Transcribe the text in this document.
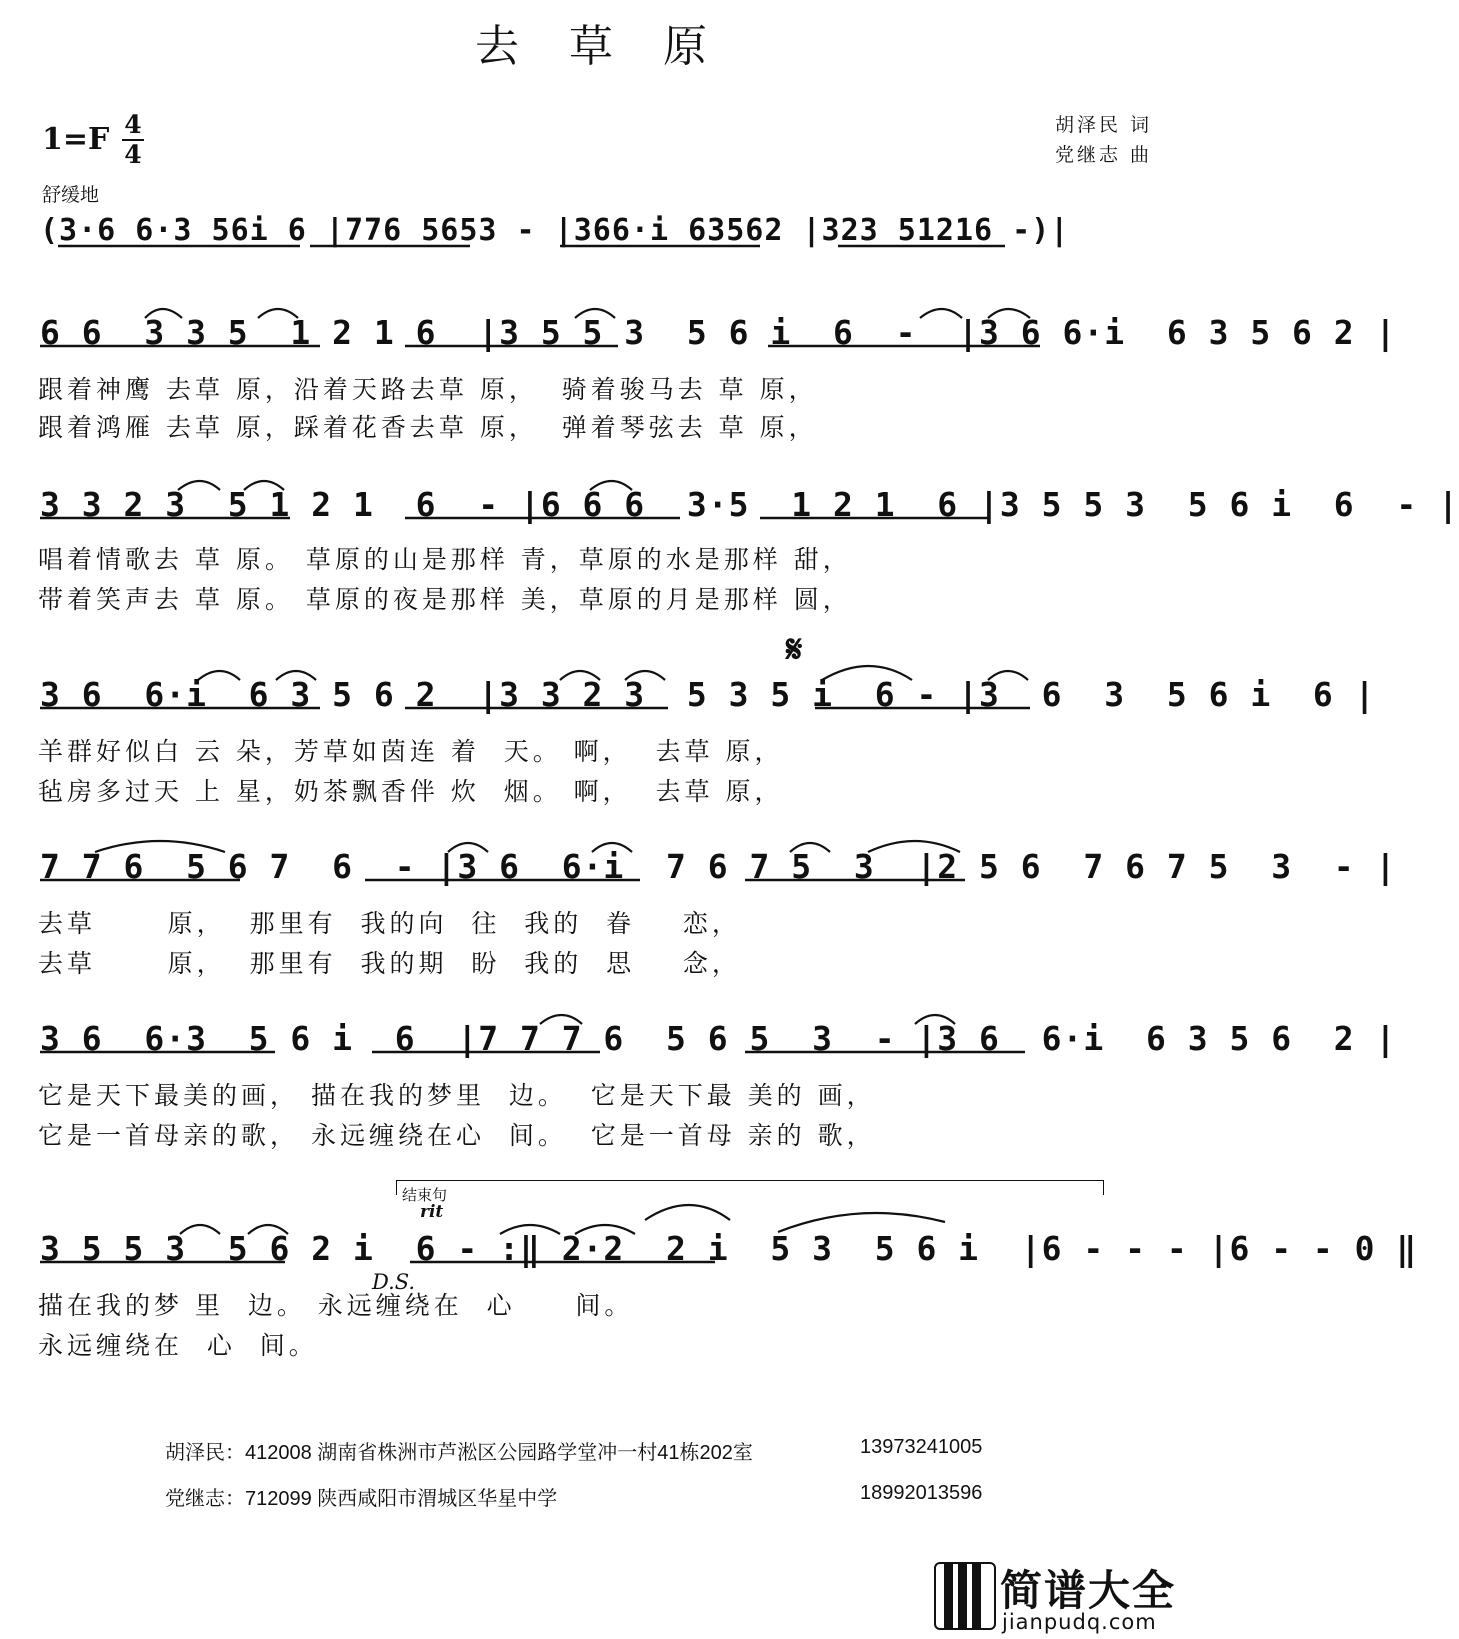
去 草 原
1=F 4
4
舒缓地
胡泽民 词
党继志 曲
(3·6 6·3 56i 6 |776 5653 - |366·i 63562 |323 51216 -)|
6 6  3 3 5  1 2 1 6  |3 5 5 3  5 6 i  6  -  |3 6 6·i  6 3 5 6 2 |
跟着神鹰 去草 原，沿着天路去草 原，  骑着骏马去 草 原，
跟着鸿雁 去草 原，踩着花香去草 原，  弹着琴弦去 草 原，
3 3 2 3  5 1 2 1  6  - |6 6 6  3·5  1 2 1  6 |3 5 5 3  5 6 i  6  - |
唱着情歌去 草 原。 草原的山是那样 青，草原的水是那样 甜，
带着笑声去 草 原。 草原的夜是那样 美，草原的月是那样 圆，
𝄋
3 6  6·i  6 3 5 6 2  |3 3 2 3  5 3 5 i  6 - |3  6  3  5 6 i  6 |
羊群好似白 云 朵，芳草如茵连 着  天。 啊，  去草 原，
毡房多过天 上 星，奶茶飘香伴 炊  烟。 啊，  去草 原，
7 7 6  5 6 7  6  - |3 6  6·i  7 6 7 5  3  |2 5 6  7 6 7 5  3  - |
去草      原，  那里有  我的向  往  我的  眷    恋，
去草      原，  那里有  我的期  盼  我的  思    念，
3 6  6·3  5 6 i  6  |7 7 7 6  5 6 5  3  - |3 6  6·i  6 3 5 6  2 |
它是天下最美的画， 描在我的梦里  边。  它是天下最 美的 画，
它是一首母亲的歌， 永远缠绕在心  间。  它是一首母 亲的 歌，
结束句
rit
3 5 5 3  5 6 2 i  6 - :‖ 2·2  2 i  5 3  5 6 i  |6 - - - |6 - - 0 ‖
D.S.
描在我的梦 里  边。 永远缠绕在  心     间。
永远缠绕在  心  间。
胡泽民：412008 湖南省株洲市芦淞区公园路学堂冲一村41栋202室	13973241005
党继志：712099 陕西咸阳市渭城区华星中学	18992013596
简谱大全
jianpudq.com
